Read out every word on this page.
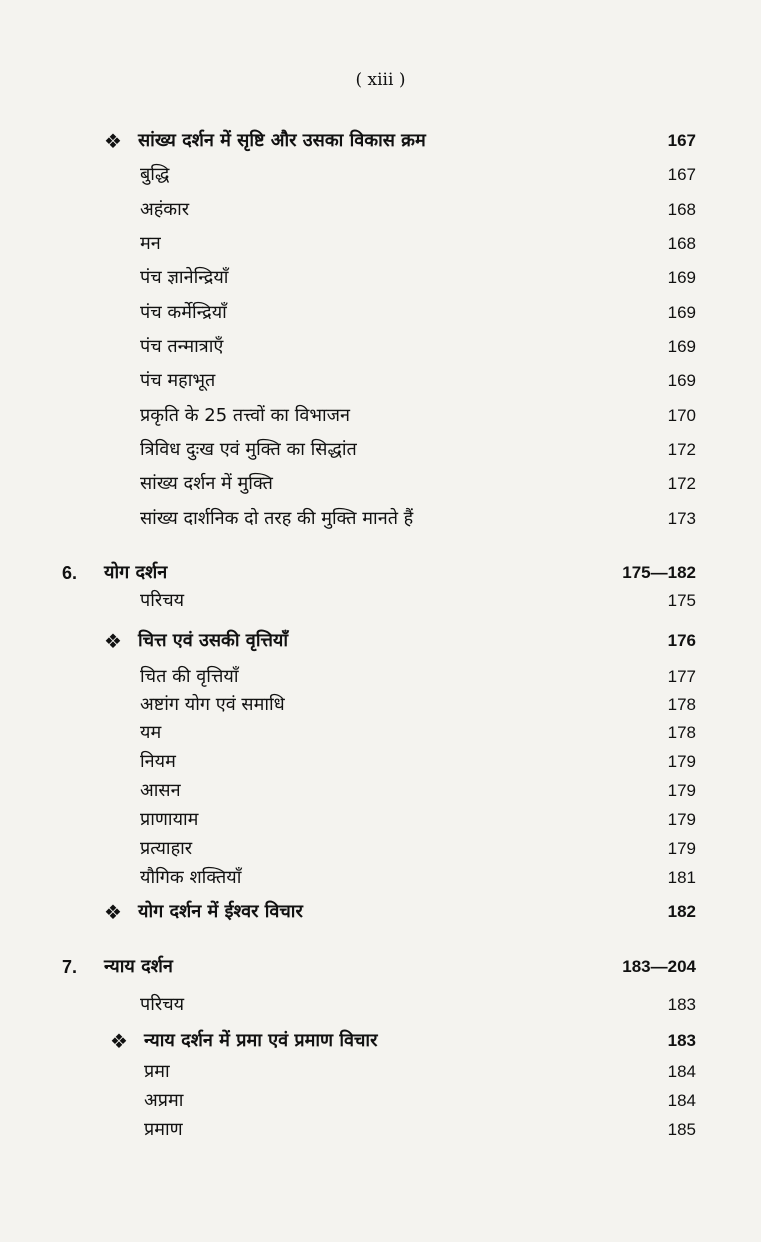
( xiii )
❖ सांख्य दर्शन में सृष्टि और उसका विकास क्रम	167
बुद्धि	167
अहंकार	168
मन	168
पंच ज्ञानेन्द्रियाँ	169
पंच कर्मेन्द्रियाँ	169
पंच तन्मात्राएँ	169
पंच महाभूत	169
प्रकृति के 25 तत्त्वों का विभाजन	170
त्रिविध दुःख एवं मुक्ति का सिद्धांत	172
सांख्य दर्शन में मुक्ति	172
सांख्य दार्शनिक दो तरह की मुक्ति मानते हैं	173
6. योग दर्शन	175—182
परिचय	175
❖ चित्त एवं उसकी वृत्तियाँ	176
चित की वृत्तियाँ	177
अष्टांग योग एवं समाधि	178
यम	178
नियम	179
आसन	179
प्राणायाम	179
प्रत्याहार	179
यौगिक शक्तियाँ	181
❖ योग दर्शन में ईश्वर विचार	182
7. न्याय दर्शन	183—204
परिचय	183
❖ न्याय दर्शन में प्रमा एवं प्रमाण विचार	183
प्रमा	184
अप्रमा	184
प्रमाण	185
